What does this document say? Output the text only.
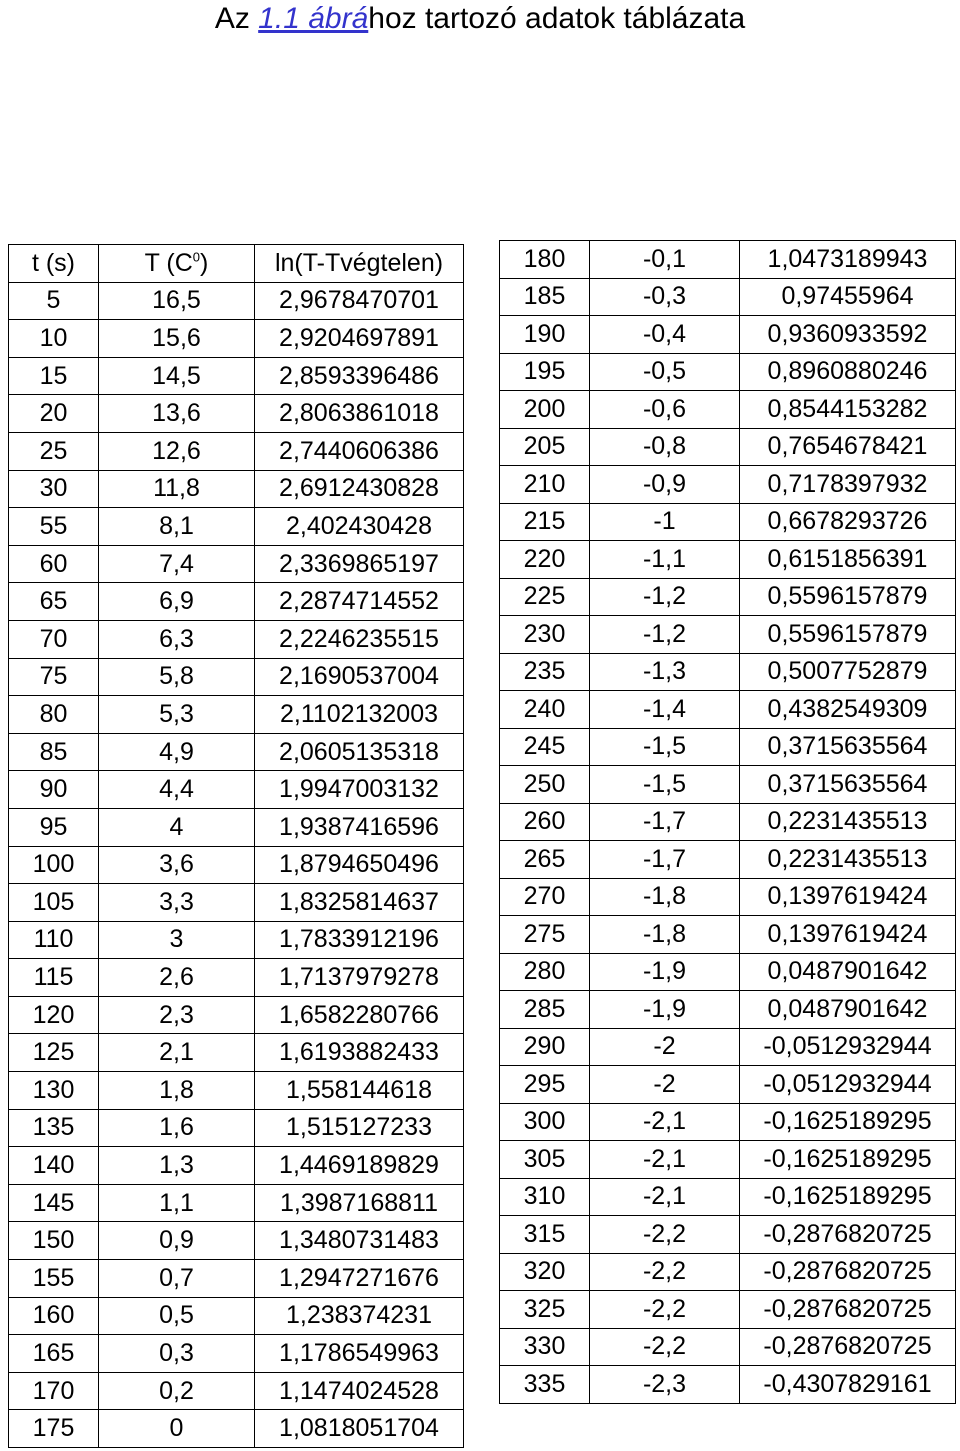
Az 1.1 ábrához tartozó adatok táblázata
t (s)	T $(C^0)$	ln(T-Tvégtelen)
5	16,5	2,9678470701
10	15,6	2,9204697891
15	14,5	2,8593396486
20	13,6	2,8063861018
25	12,6	2,7440606386
30	11,8	2,6912430828
55	8,1	2,402430428
60	7,4	2,3369865197
65	6,9	2,2874714552
70	6,3	2,2246235515
75	5,8	2,1690537004
80	5,3	2,1102132003
85	4,9	2,0605135318
90	4,4	1,9947003132
95	4	1,9387416596
100	3,6	1,8794650496
105	3,3	1,8325814637
110	3	1,7833912196
115	2,6	1,7137979278
120	2,3	1,6582280766
125	2,1	1,6193882433
130	1,8	1,558144618
135	1,6	1,515127233
140	1,3	1,4469189829
145	1,1	1,3987168811
150	0,9	1,3480731483
155	0,7	1,2947271676
160	0,5	1,238374231
165	0,3	1,1786549963
170	0,2	1,1474024528
175	0	1,0818051704
180	-0,1	1,0473189943
185	-0,3	0,97455964
190	-0,4	0,9360933592
195	-0,5	0,8960880246
200	-0,6	0,8544153282
205	-0,8	0,7654678421
210	-0,9	0,7178397932
215	-1	0,6678293726
220	-1,1	0,6151856391
225	-1,2	0,5596157879
230	-1,2	0,5596157879
235	-1,3	0,5007752879
240	-1,4	0,4382549309
245	-1,5	0,3715635564
250	-1,5	0,3715635564
260	-1,7	0,2231435513
265	-1,7	0,2231435513
270	-1,8	0,1397619424
275	-1,8	0,1397619424
280	-1,9	0,0487901642
285	-1,9	0,0487901642
290	-2	-0,0512932944
295	-2	-0,0512932944
300	-2,1	-0,1625189295
305	-2,1	-0,1625189295
310	-2,1	-0,1625189295
315	-2,2	-0,2876820725
320	-2,2	-0,2876820725
325	-2,2	-0,2876820725
330	-2,2	-0,2876820725
335	-2,3	-0,4307829161
